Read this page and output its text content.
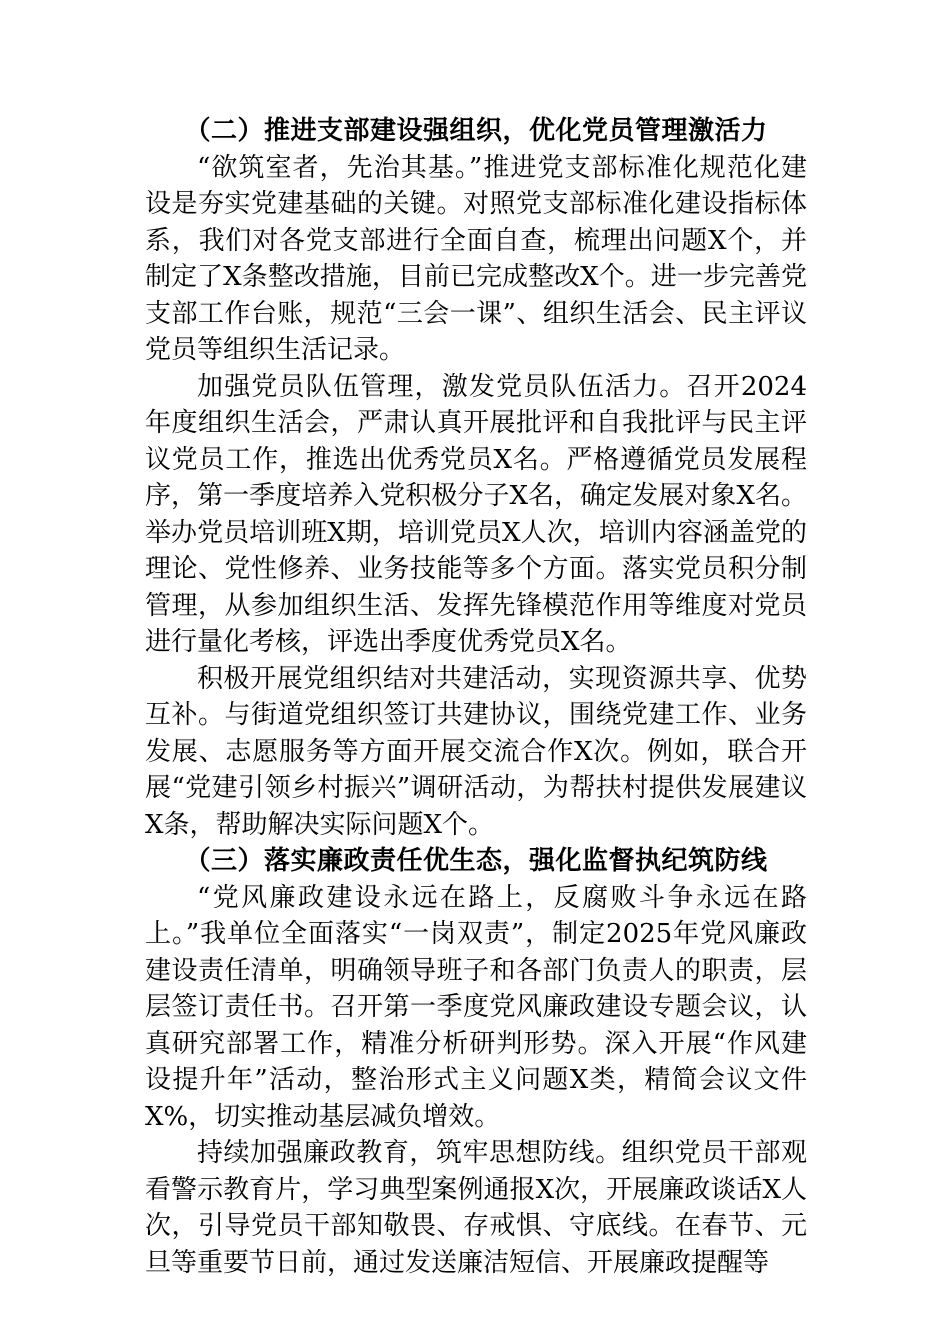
（二）推进支部建设强组织，优化党员管理激活力

“欲筑室者，先治其基。”推进党支部标准化规范化建设是夯实党建基础的关键。对照党支部标准化建设指标体系，我们对各党支部进行全面自查，梳理出问题X个，并制定了X条整改措施，目前已完成整改X个。进一步完善党支部工作台账，规范“三会一课”、组织生活会、民主评议党员等组织生活记录。

加强党员队伍管理，激发党员队伍活力。召开2024年度组织生活会，严肃认真开展批评和自我批评与民主评议党员工作，推选出优秀党员X名。严格遵循党员发展程序，第一季度培养入党积极分子X名，确定发展对象X名。举办党员培训班X期，培训党员X人次，培训内容涵盖党的理论、党性修养、业务技能等多个方面。落实党员积分制管理，从参加组织生活、发挥先锋模范作用等维度对党员进行量化考核，评选出季度优秀党员X名。

积极开展党组织结对共建活动，实现资源共享、优势互补。与街道党组织签订共建协议，围绕党建工作、业务发展、志愿服务等方面开展交流合作X次。例如，联合开展“党建引领乡村振兴”调研活动，为帮扶村提供发展建议X条，帮助解决实际问题X个。

（三）落实廉政责任优生态，强化监督执纪筑防线

“党风廉政建设永远在路上，反腐败斗争永远在路上。”我单位全面落实“一岗双责”，制定2025年党风廉政建设责任清单，明确领导班子和各部门负责人的职责，层层签订责任书。召开第一季度党风廉政建设专题会议，认真研究部署工作，精准分析研判形势。深入开展“作风建设提升年”活动，整治形式主义问题X类，精简会议文件X%，切实推动基层减负增效。

持续加强廉政教育，筑牢思想防线。组织党员干部观看警示教育片，学习典型案例通报X次，开展廉政谈话X人次，引导党员干部知敬畏、存戒惧、守底线。在春节、元旦等重要节日前，通过发送廉洁短信、开展廉政提醒等
